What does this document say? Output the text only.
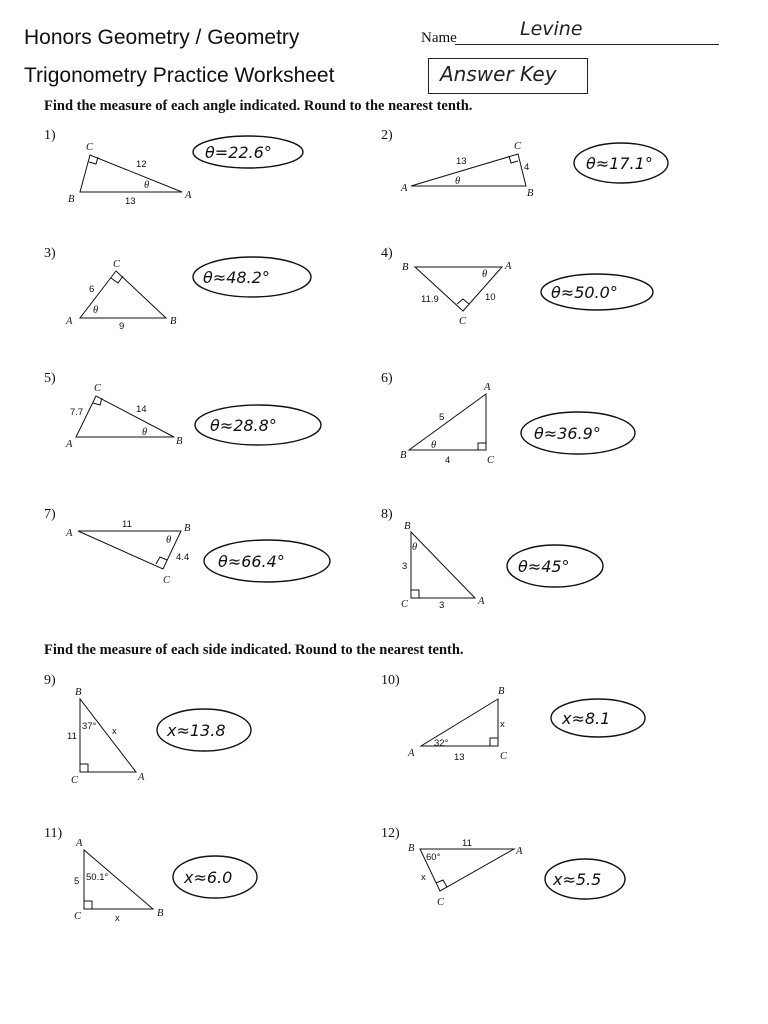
Honors Geometry / Geometry
Trigonometry Practice Worksheet
Name	Levine
Answer Key
Find the measure of each angle indicated. Round to the nearest tenth.
Find the measure of each side indicated. Round to the nearest tenth.
1)	2)
3)	4)
5)	6)
7)	8)
9)	10)
11)	12)
C
B	A
12
13
θ
θ=22.6°	C
A	B
13
4
θ
θ≈17.1°
C
A	B
6
9
θ
θ≈48.2°
B	A
C
11.9	10
θ
θ≈50.0°
C
A	B
7.7	14
θ	θ≈28.8°
A
B	C
5
4
θ
θ≈36.9°
A	B
C
11
4.4
θ
θ≈66.4°
B
C	A
3
3
θ
θ≈45°
B
C	A
11
37° x	x≈13.8
B
A	C
x
32°
13
x≈8.1
A
C	B
5 50.1°
x
x≈6.0
B	A
C
11
60°
x	x≈5.5
